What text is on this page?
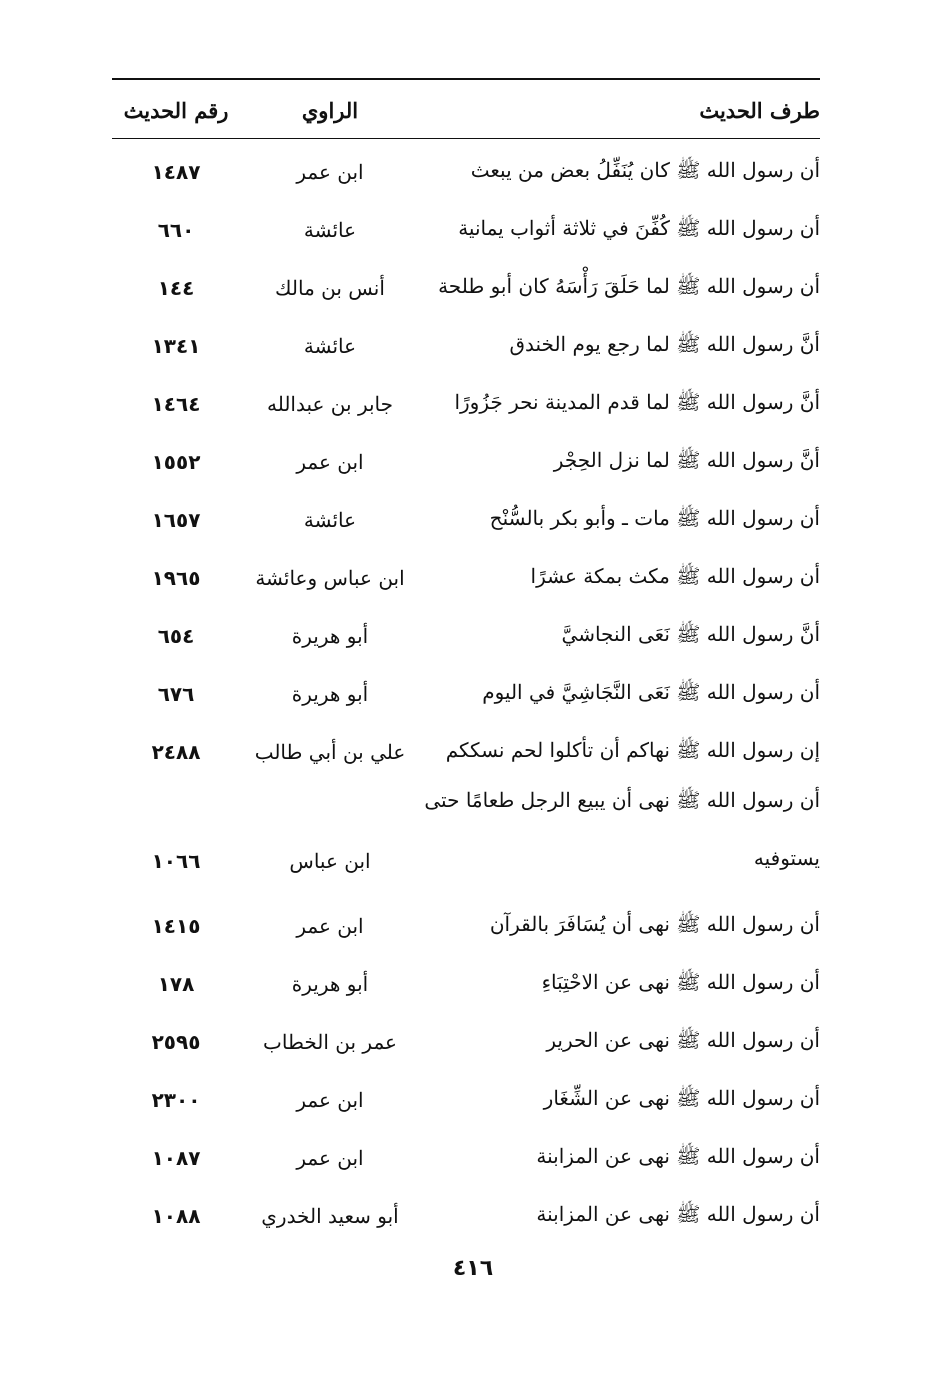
طرف الحديث
الراوي
رقم الحديث
أن رسول الله ﷺ كان يُنَفِّلُ بعض من يبعث
ابن عمر
١٤٨٧
أن رسول الله ﷺ كُفِّنَ في ثلاثة أثواب يمانية
عائشة
٦٦٠
أن رسول الله ﷺ لما حَلَقَ رَأْسَهُ كان أبو طلحة
أنس بن مالك
١٤٤
أنَّ رسول الله ﷺ لما رجع يوم الخندق
عائشة
١٣٤١
أنَّ رسول الله ﷺ لما قدم المدينة نحر جَزُورًا
جابر بن عبدالله
١٤٦٤
أنَّ رسول الله ﷺ لما نزل الحِجْر
ابن عمر
١٥٥٢
أن رسول الله ﷺ مات ـ وأبو بكر بالسُّنْح
عائشة
١٦٥٧
أن رسول الله ﷺ مكث بمكة عشرًا
ابن عباس وعائشة
١٩٦٥
أنَّ رسول الله ﷺ نَعَى النجاشيَّ
أبو هريرة
٦٥٤
أن رسول الله ﷺ نَعَى النَّجَاشِيَّ في اليوم
أبو هريرة
٦٧٦
إن رسول الله ﷺ نهاكم أن تأكلوا لحم نسككم
علي بن أبي طالب
٢٤٨٨
أن رسول الله ﷺ نهى أن يبيع الرجل طعامًا حتى
يستوفيه
ابن عباس
١٠٦٦
أن رسول الله ﷺ نهى أن يُسَافَرَ بالقرآن
ابن عمر
١٤١٥
أن رسول الله ﷺ نهى عن الاحْتِبَاءِ
أبو هريرة
١٧٨
أن رسول الله ﷺ نهى عن الحرير
عمر بن الخطاب
٢٥٩٥
أن رسول الله ﷺ نهى عن الشِّغَار
ابن عمر
٢٣٠٠
أن رسول الله ﷺ نهى عن المزابنة
ابن عمر
١٠٨٧
أن رسول الله ﷺ نهى عن المزابنة
أبو سعيد الخدري
١٠٨٨
٤١٦
